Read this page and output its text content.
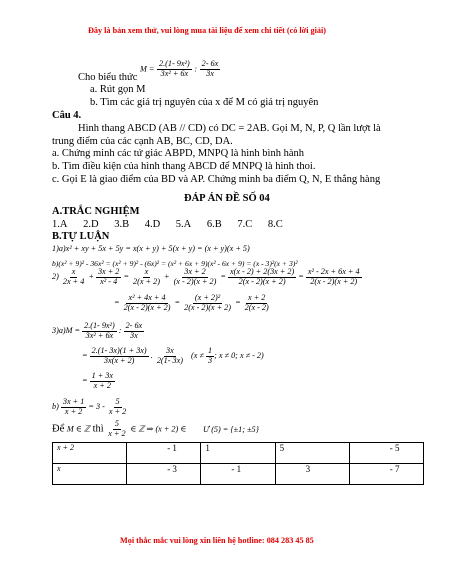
Đây là bản xem thử, vui lòng mua tài liệu để xem chi tiết (có lời giải)
$M = \frac{\text{2.(1- 9x²)}}{\text{3x² + 6x}}$ : $\frac{2- 6x}{3x}$
Cho biểu thức
a. Rút gọn M
b. Tìm các giá trị nguyên của x để M có giá trị nguyên
Câu 4.
Hình thang ABCD (AB // CD) có DC = 2AB. Gọi M, N, P, Q lần lượt là
trung điểm của các cạnh AB, BC, CD, DA.
a. Chứng minh các tứ giác ABPD, MNPQ là hình bình hành
b. Tìm điều kiện của hình thang ABCD để MNPQ là hình thoi.
c. Gọi E là giao điểm của BD và AP. Chứng minh ba điểm Q, N, E thẳng hàng
ĐÁP ÁN ĐỀ SỐ 04
A.TRẮC NGHIỆM
1.A 2.D 3.B 4.D 5.A 6.B 7.C 8.C
B.TỰ LUẬN
1)a)x² + xy + 5x + 5y = x(x + y) + 5(x + y) = (x + y)(x + 5)
b)(x² + 9)² - 36x² = (x² + 9)² - (6x)² = (x² + 6x + 9)(x² - 6x + 9) = (x - 3)²(x + 3)²
$2) \frac{x}{2x + 4} + \frac{3x + 2}{\text{x² - 4}} = \frac{x}{2(x + 2)} + \frac{3x + 2}{(x - 2)(x + 2)} = \frac{x(x - 2) + 2(3x + 2)}{2(x - 2)(x + 2)} = \frac{\text{x² - 2x + 6x + 4}}{2(x - 2)(x + 2)}$
= $\frac{\text{x² + 4x + 4}}{2(x - 2)(x + 2)} = \frac{\text{(x + 2)²}}{2(x - 2)(x + 2)} = \frac{x + 2}{2(x - 2)}$
$3)a)M = \frac{\text{2.(1- 9x²)}}{\text{3x² + 6x}}$ : $\frac{2- 6x}{3x}$
= $\frac{2.(1- 3x)(1 + 3x)}{3x(x + 2)}$ . $\frac{3x}{2(1- 3x)} (x \ne \frac{1}{3}$ ; x ≠ 0; x ≠ - 2)
= $\frac{1 + 3x}{x + 2}$
$b) \frac{3x + 1}{x + 2} = 3 - \frac{5}{x + 2}$
Để M ∈ ℤ thì $\frac{5}{x + 2}$ ∈ ℤ ⇒ (x + 2) ∈ Ư (5) = {±1; ±5}
x + 2	- 1	1	5	- 5
x	- 3	- 1	3	- 7
Mọi thắc mắc vui lòng xin liên hệ hotline: 084 283 45 85
